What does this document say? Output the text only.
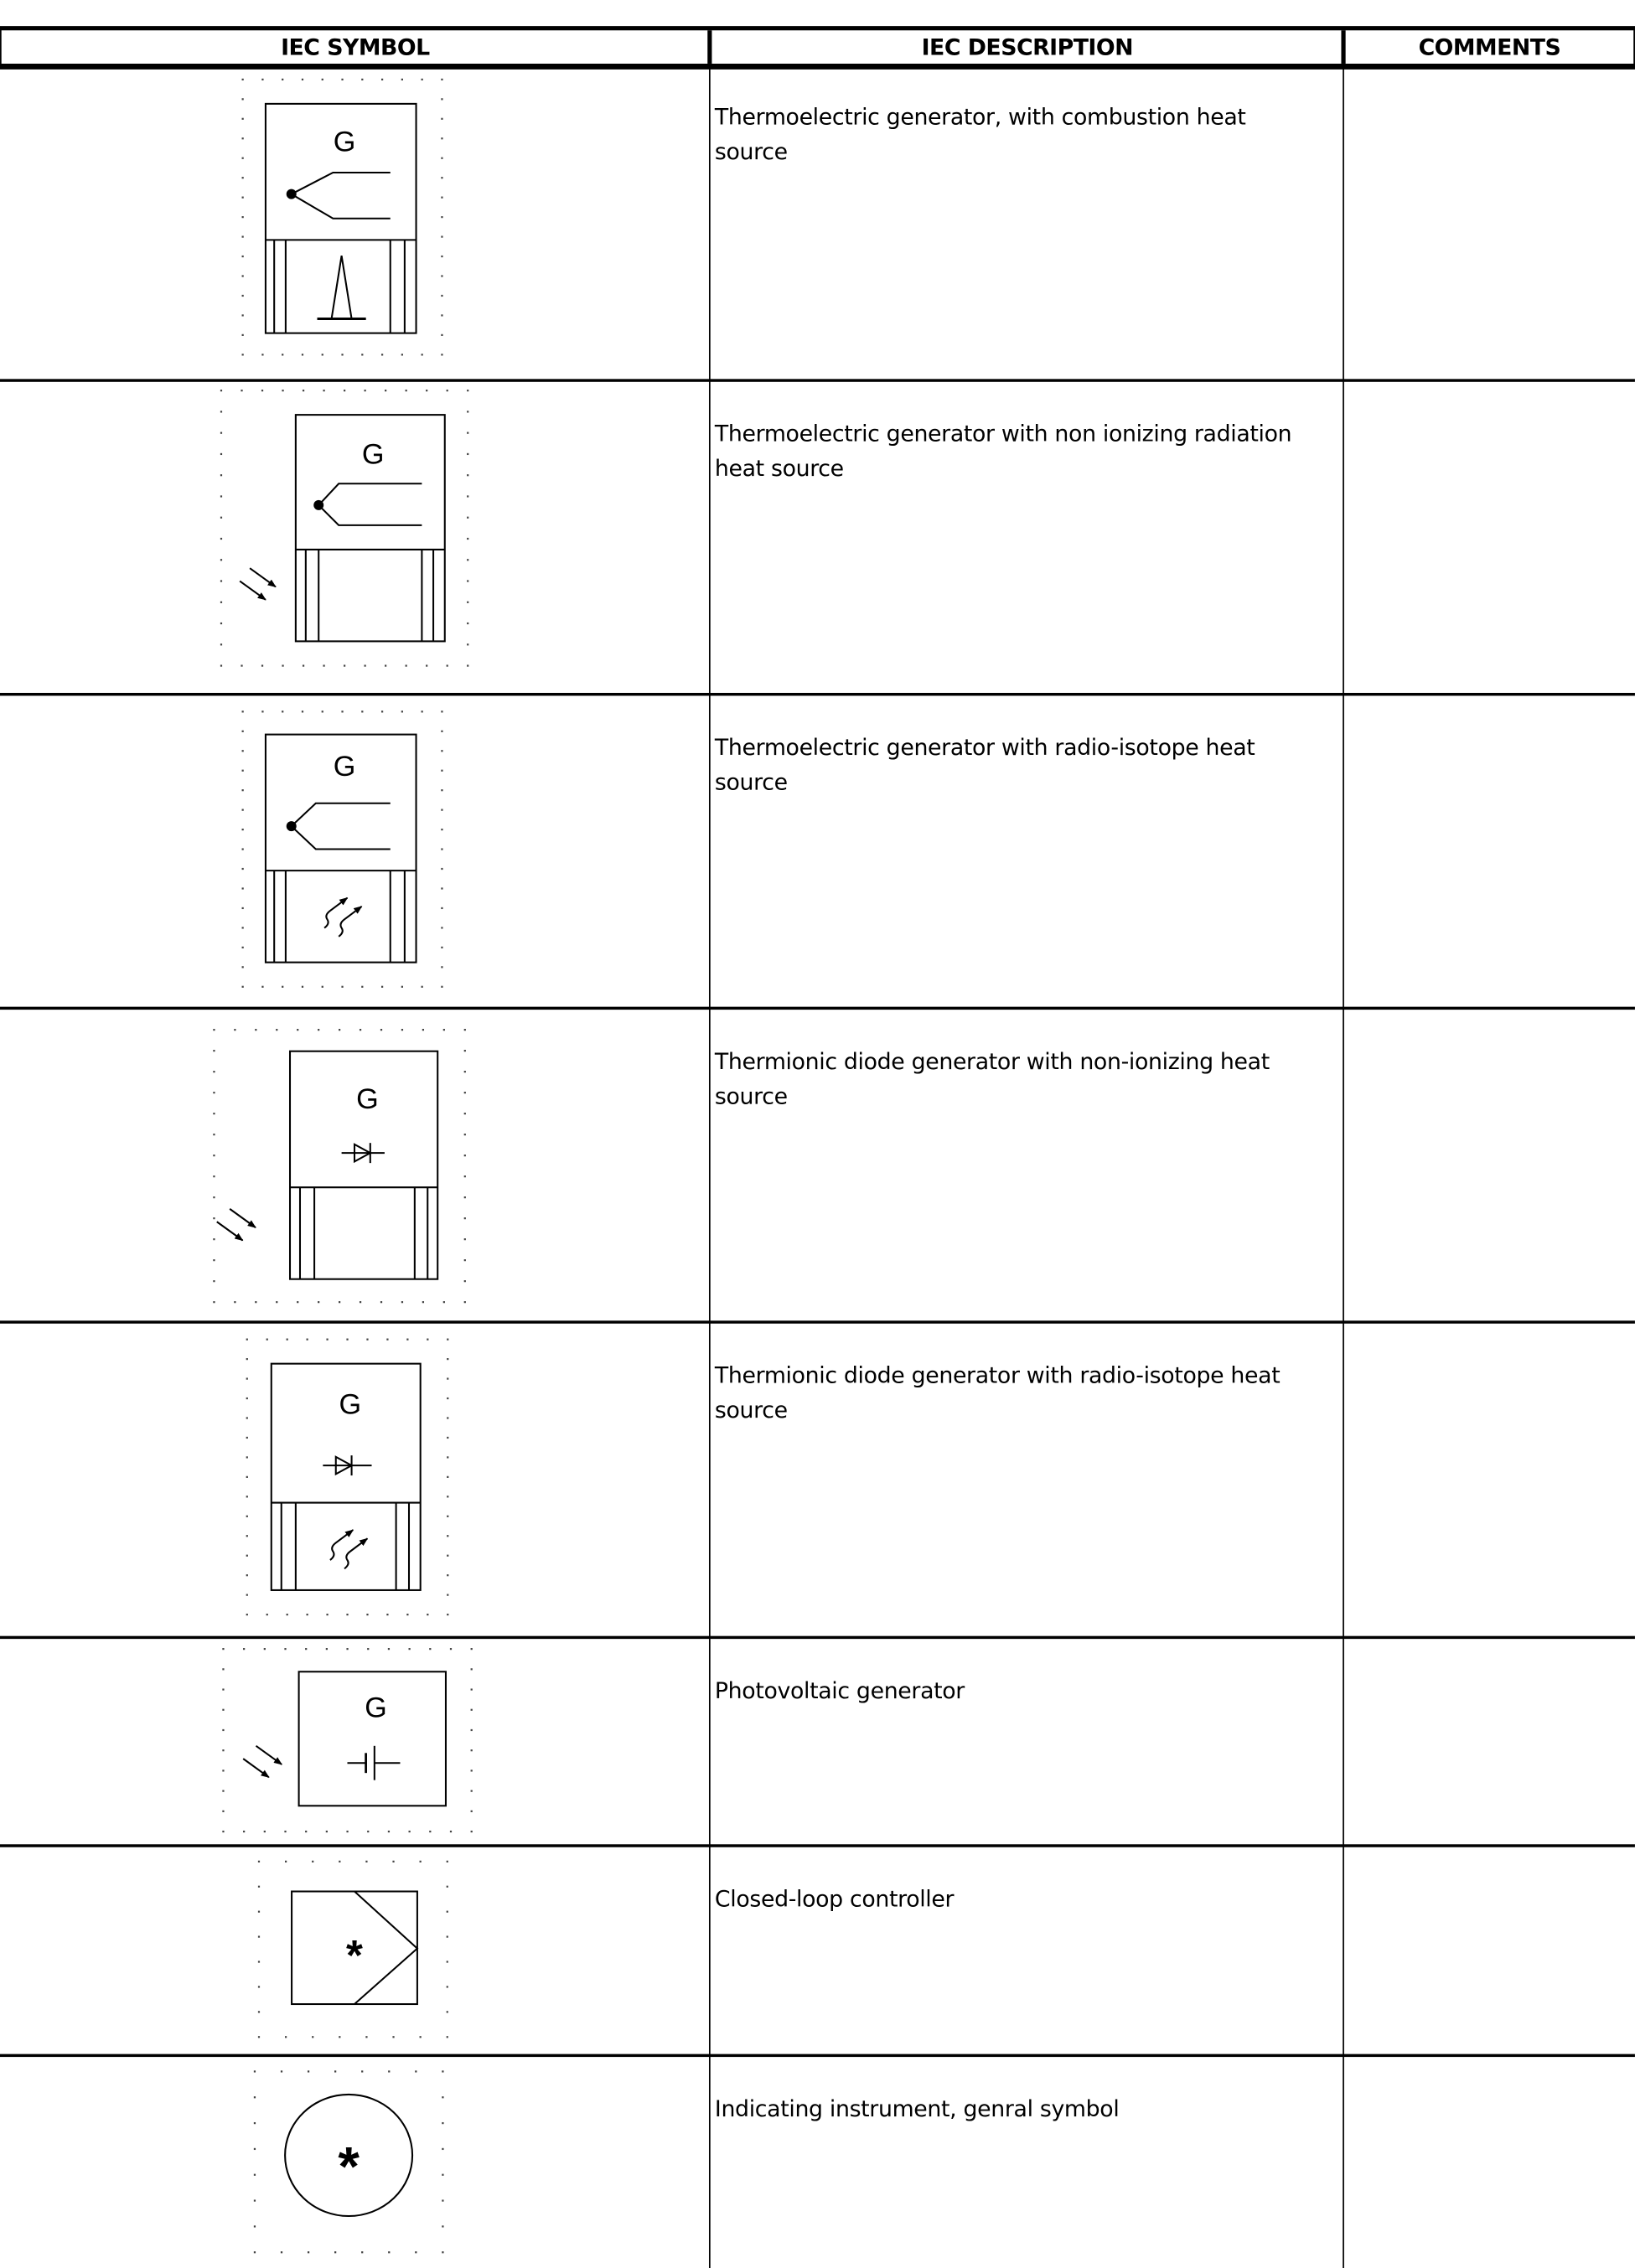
IEC SYMBOL	IEC DESCRIPTION	COMMENTS
G
Thermoelectric generator, with combustion heat source
G
Thermoelectric generator with non ionizing radiation heat source
G
Thermoelectric generator with radio-isotope heat source
G
Thermionic diode generator with non-ionizing heat source
G
Thermionic diode generator with radio-isotope heat source
G
Photovoltaic generator
*
Closed-loop controller
*
Indicating instrument, genral symbol
